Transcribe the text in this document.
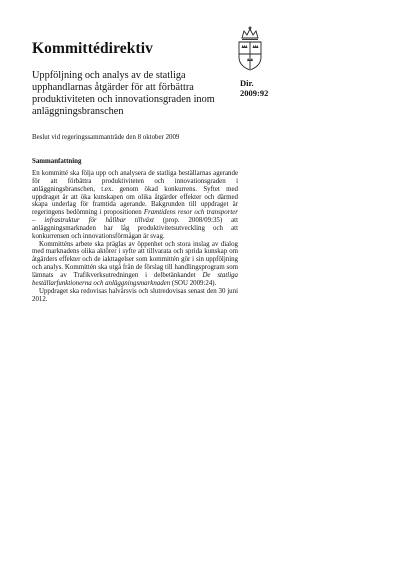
Kommittédirektiv
Uppföljning och analys av de statliga upphandlarnas åtgärder för att förbättra produktiviteten och innovationsgraden inom anläggningsbranschen
Dir.
2009:92
Beslut vid regeringssammanträde den 8 oktober 2009
Sammanfattning

En kommitté ska följa upp och analysera de statliga beställarnas agerande för att förbättra produktiviteten och innovationsgraden i anläggningsbranschen, t.ex. genom ökad konkurrens. Syftet med uppdraget är att öka kunskapen om olika åtgärder effekter och därmed skapa underlag för framtida agerande. Bakgrunden till uppdraget är regeringens bedömning i propositionen Framtidens resor och transporter – infrastruktur för hållbar tillväxt (prop. 2008/09:35) att anläggningsmarknaden har låg produktivitetsutveckling och att konkurrensen och innovationsförmågan är svag.

Kommitténs arbete ska präglas av öppenhet och stora inslag av dialog med marknadens olika aktörer i syfte att tillvarata och sprida kunskap om åtgärders effekter och de iakttagelser som kommittén gör i sin uppföljning och analys. Kommittén ska utgå från de förslag till handlingsprogram som lämnats av Trafikverksutredningen i delbetänkandet De statliga beställarfunktionerna och anläggningsmarknaden (SOU 2009:24).

Uppdraget ska redovisas halvårsvis och slutredovisas senast den 30 juni 2012.
